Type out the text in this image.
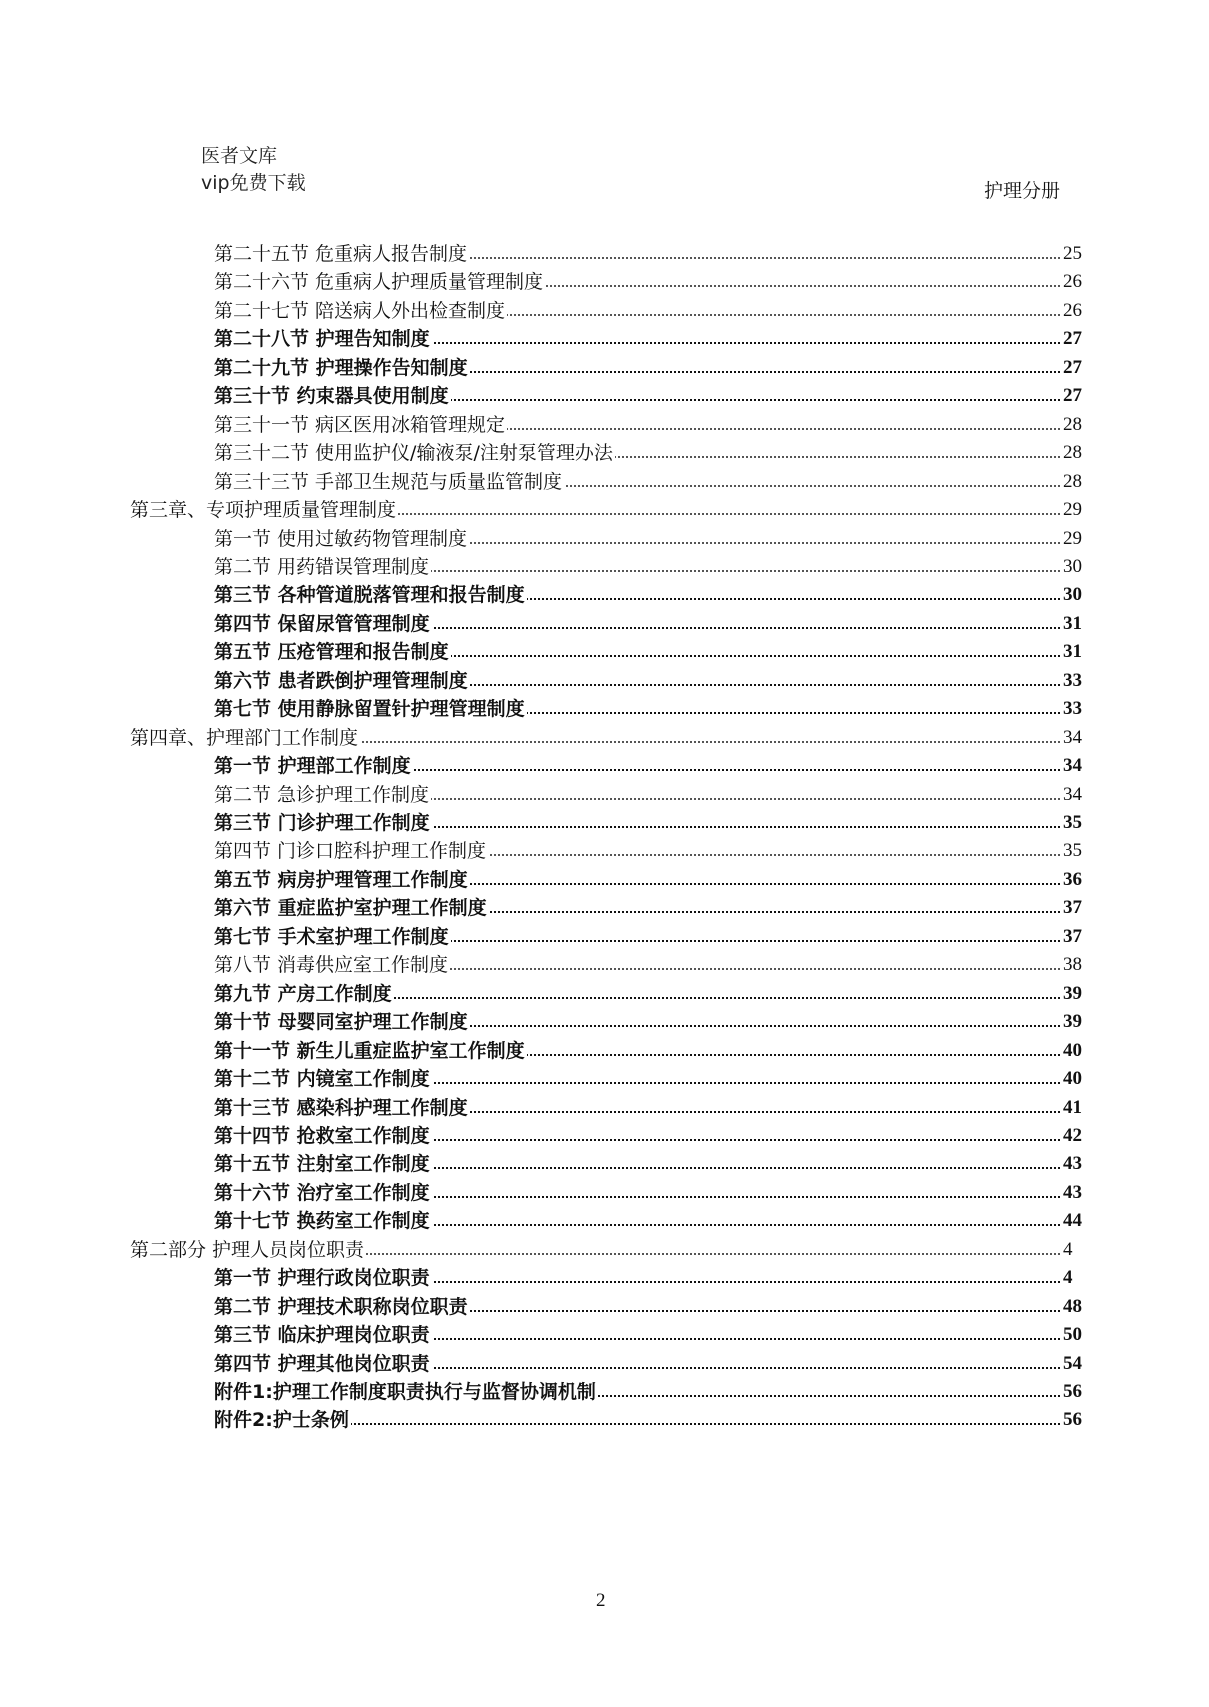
医者文库
vip免费下载	护理分册
第二十五节 危重病人报告制度	25
第二十六节 危重病人护理质量管理制度	26
第二十七节 陪送病人外出检查制度	26
第二十八节 护理告知制度	27
第二十九节 护理操作告知制度	27
第三十节 约束器具使用制度	27
第三十一节 病区医用冰箱管理规定	28
第三十二节 使用监护仪/输液泵/注射泵管理办法	28
第三十三节 手部卫生规范与质量监管制度	28
第三章、专项护理质量管理制度	29
第一节 使用过敏药物管理制度	29
第二节 用药错误管理制度	30
第三节 各种管道脱落管理和报告制度	30
第四节 保留尿管管理制度	31
第五节 压疮管理和报告制度	31
第六节 患者跌倒护理管理制度	33
第七节 使用静脉留置针护理管理制度	33
第四章、护理部门工作制度	34
第一节 护理部工作制度	34
第二节 急诊护理工作制度	34
第三节 门诊护理工作制度	35
第四节 门诊口腔科护理工作制度	35
第五节 病房护理管理工作制度	36
第六节 重症监护室护理工作制度	37
第七节 手术室护理工作制度	37
第八节 消毒供应室工作制度	38
第九节 产房工作制度	39
第十节 母婴同室护理工作制度	39
第十一节 新生儿重症监护室工作制度	40
第十二节 内镜室工作制度	40
第十三节 感染科护理工作制度	41
第十四节 抢救室工作制度	42
第十五节 注射室工作制度	43
第十六节 治疗室工作制度	43
第十七节 换药室工作制度	44
第二部分 护理人员岗位职责	4
第一节 护理行政岗位职责	4
第二节 护理技术职称岗位职责	48
第三节 临床护理岗位职责	50
第四节 护理其他岗位职责	54
附件1:护理工作制度职责执行与监督协调机制	56
附件2:护士条例	56
2
